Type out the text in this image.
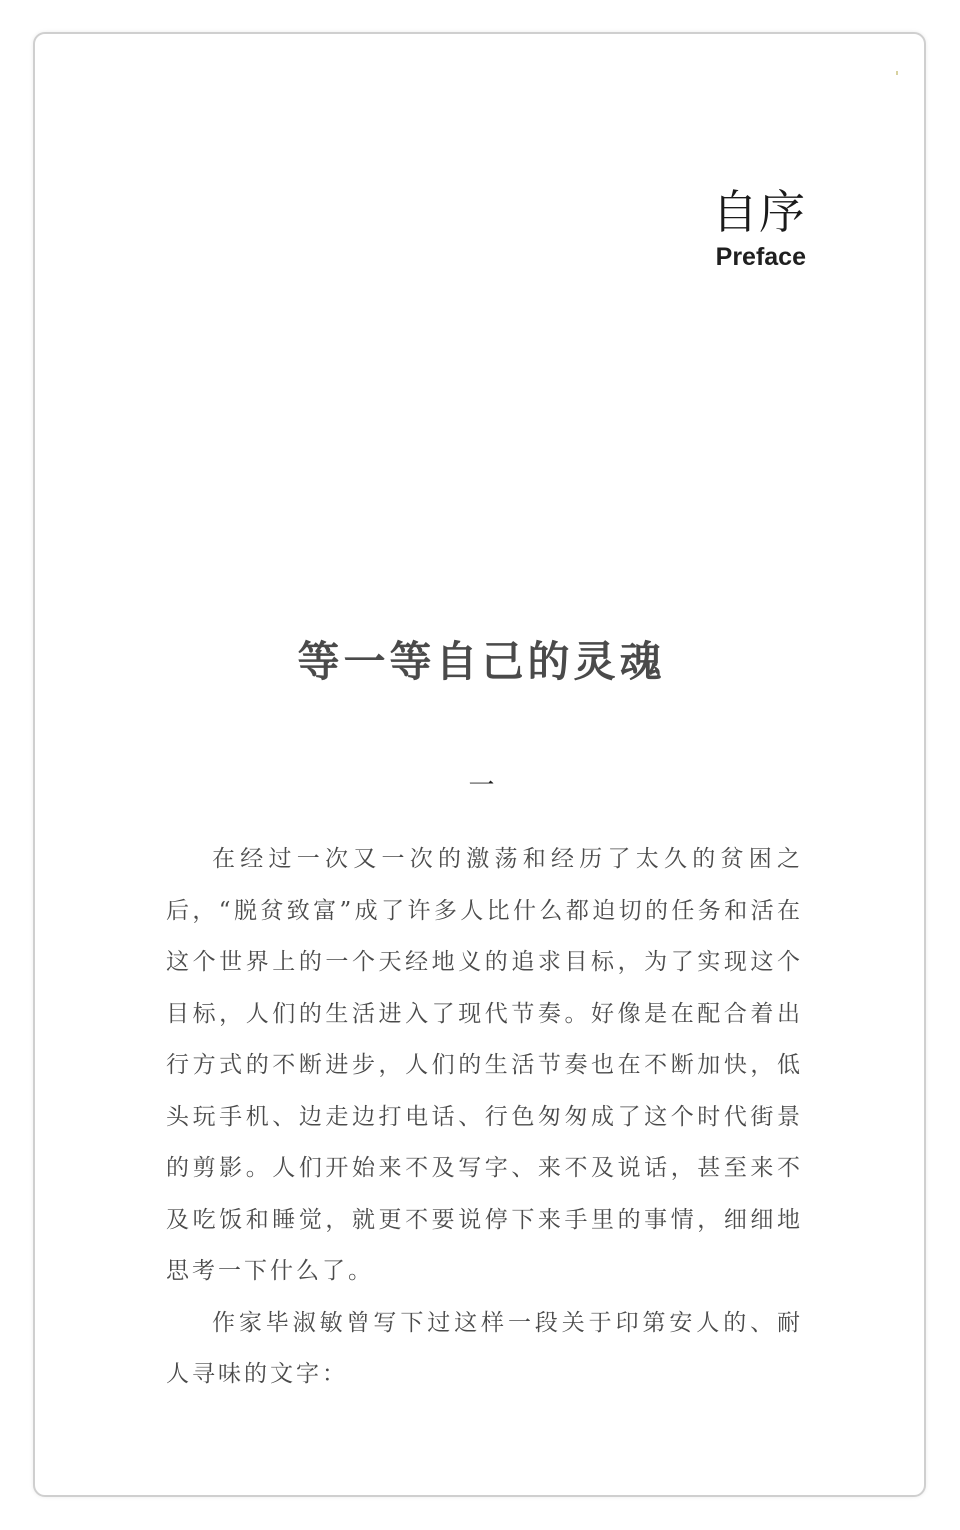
自序
Preface
等一等自己的灵魂
一

在经过一次又一次的激荡和经历了太久的贫困之后，“脱贫致富”成了许多人比什么都迫切的任务和活在这个世界上的一个天经地义的追求目标，为了实现这个目标，人们的生活进入了现代节奏。好像是在配合着出行方式的不断进步，人们的生活节奏也在不断加快，低头玩手机、边走边打电话、行色匆匆成了这个时代街景的剪影。人们开始来不及写字、来不及说话，甚至来不及吃饭和睡觉，就更不要说停下来手里的事情，细细地思考一下什么了。

作家毕淑敏曾写下过这样一段关于印第安人的、耐人寻味的文字：
